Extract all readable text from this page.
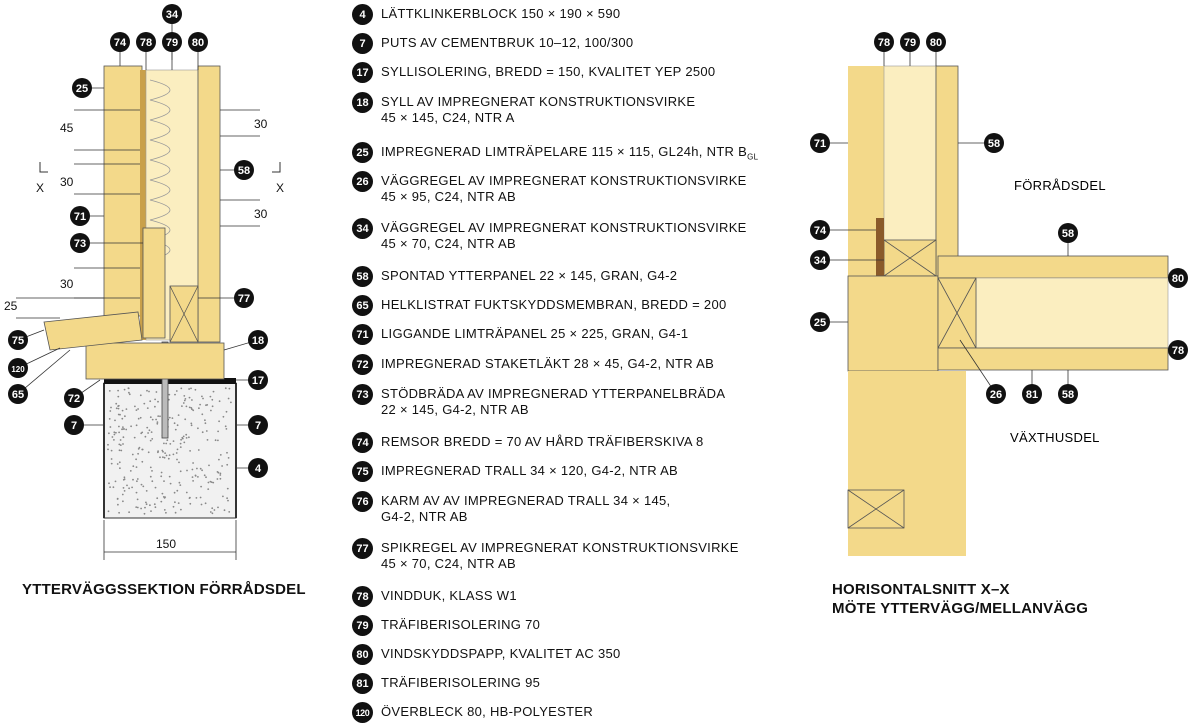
X	X
45
30
30
30
30
25
150
34
74 78 79 80
25
58
71
73
77
18
75
120
65	72
17
7	7
4

YTTERVÄGGSSEKTION FÖRRÅDSDEL

4	LÄTTKLINKERBLOCK 150 × 190 × 590
7	PUTS AV CEMENTBRUK 10–12, 100/300
17 SYLLISOLERING, BREDD = 150, KVALITET YEP 2500
18 SYLL AV IMPREGNERAT KONSTRUKTIONSVIRKE
45 × 145, C24, NTR A
25 IMPREGNERAD LIMTRÄPELARE 115 × 115, GL24h, NTR $B_{GL}$
26 VÄGGREGEL AV IMPREGNERAT KONSTRUKTIONSVIRKE
45 × 95, C24, NTR AB
34 VÄGGREGEL AV IMPREGNERAT KONSTRUKTIONSVIRKE
45 × 70, C24, NTR AB
58 SPONTAD YTTERPANEL 22 × 145, GRAN, G4-2
65 HELKLISTRAT FUKTSKYDDSMEMBRAN, BREDD = 200
71 LIGGANDE LIMTRÄPANEL 25 × 225, GRAN, G4-1
72 IMPREGNERAD STAKETLÄKT 28 × 45, G4-2, NTR AB
73 STÖDBRÄDA AV IMPREGNERAD YTTERPANELBRÄDA
22 × 145, G4-2, NTR AB
74 REMSOR BREDD = 70 AV HÅRD TRÄFIBERSKIVA 8
75 IMPREGNERAD TRALL 34 × 120, G4-2, NTR AB
76 KARM AV AV IMPREGNERAD TRALL 34 × 145,
G4-2, NTR AB
77 SPIKREGEL AV IMPREGNERAT KONSTRUKTIONSVIRKE
45 × 70, C24, NTR AB
78 VINDDUK, KLASS W1
79 TRÄFIBERISOLERING 70
80 VINDSKYDDSPAPP, KVALITET AC 350
81 TRÄFIBERISOLERING 95
120 ÖVERBLECK 80, HB-POLYESTER
FÖRRÅDSDEL
VÄXTHUSDEL
78 79 80
71	58
74	58
34
80
25
78
26 81 58

HORISONTALSNITT X–X

MÖTE YTTERVÄGG/MELLANVÄGG
